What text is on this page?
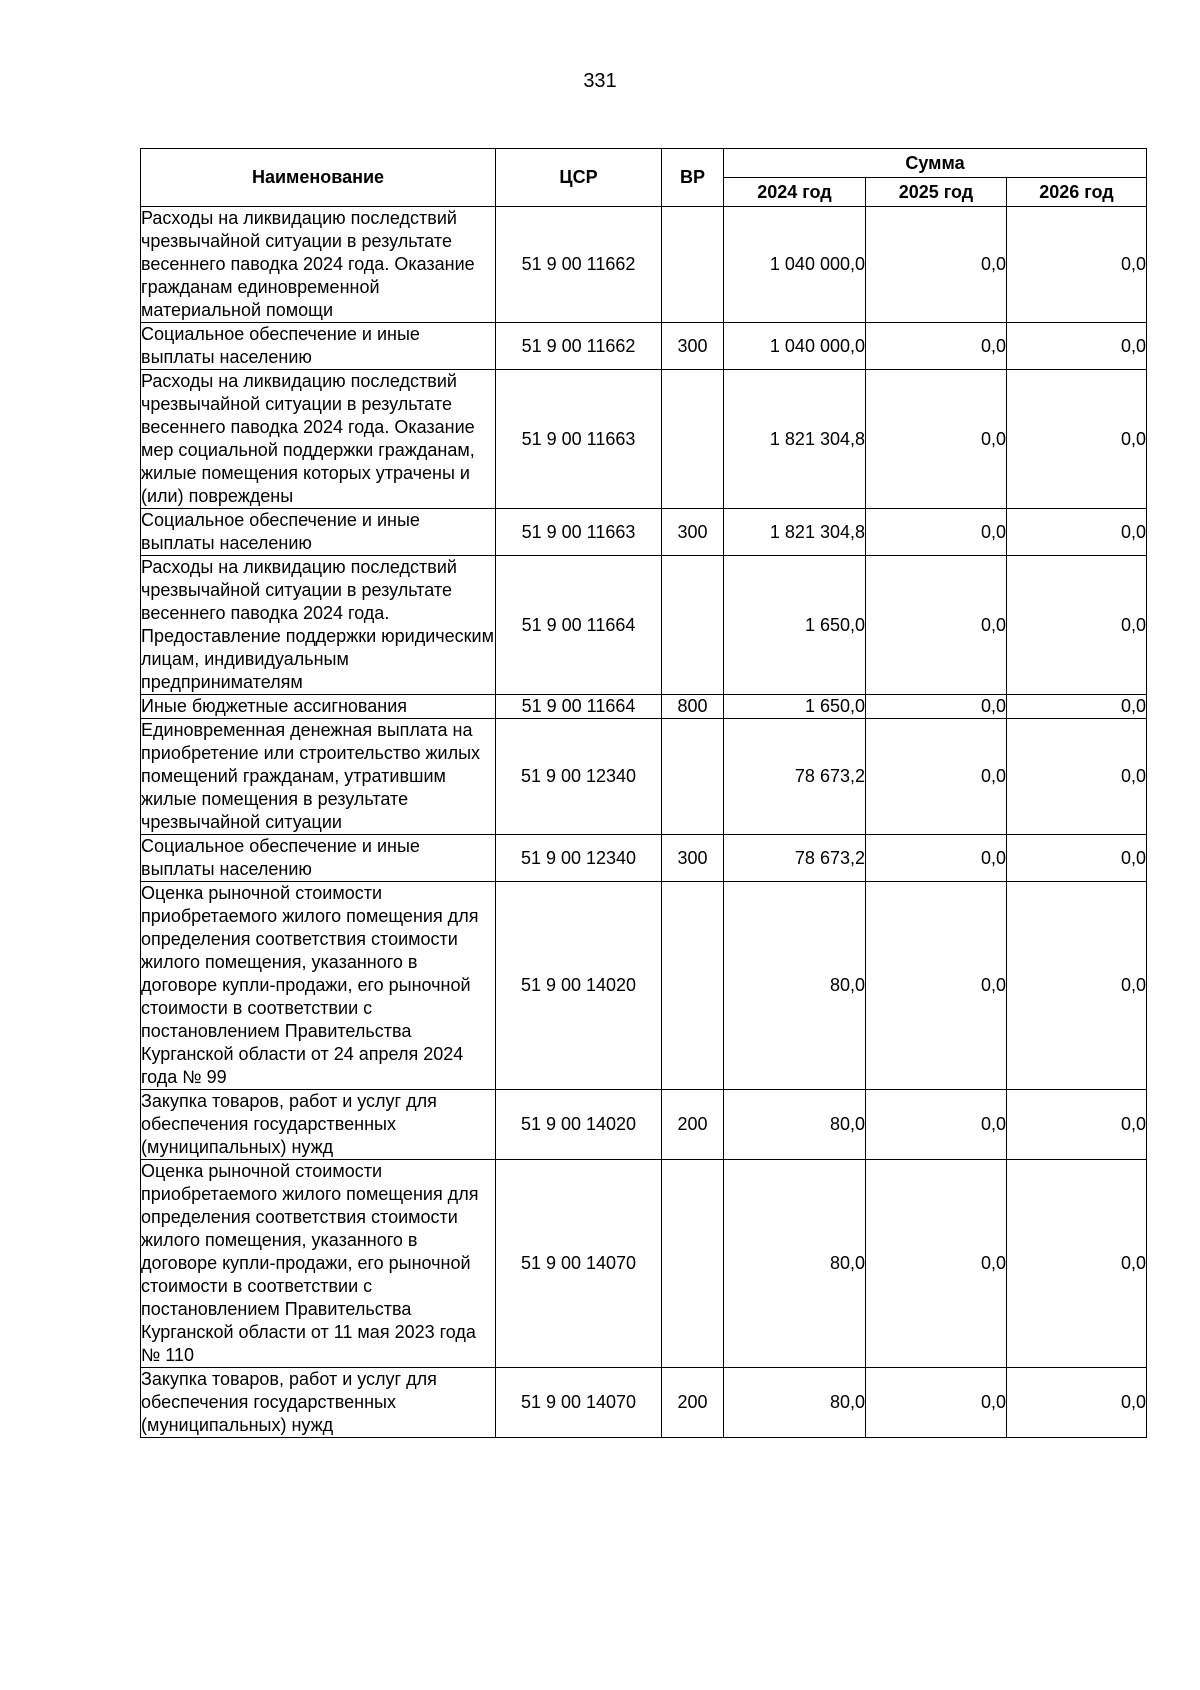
331
Наименование	ЦСР	ВР	Сумма		
			2024 год	2025 год	2026 год
Расходы на ликвидацию последствий чрезвычайной ситуации в результате весеннего паводка 2024 года. Оказание гражданам единовременной материальной помощи	51 9 00 11662		1 040 000,0	0,0	0,0
Социальное обеспечение и иные выплаты населению	51 9 00 11662	300	1 040 000,0	0,0	0,0
Расходы на ликвидацию последствий чрезвычайной ситуации в результате весеннего паводка 2024 года. Оказание мер социальной поддержки гражданам, жилые помещения которых утрачены и (или) повреждены	51 9 00 11663		1 821 304,8	0,0	0,0
Социальное обеспечение и иные выплаты населению	51 9 00 11663	300	1 821 304,8	0,0	0,0
Расходы на ликвидацию последствий чрезвычайной ситуации в результате весеннего паводка 2024 года. Предоставление поддержки юридическим лицам, индивидуальным предпринимателям	51 9 00 11664		1 650,0	0,0	0,0
Иные бюджетные ассигнования	51 9 00 11664	800	1 650,0	0,0	0,0
Единовременная денежная выплата на приобретение или строительство жилых помещений гражданам, утратившим жилые помещения в результате чрезвычайной ситуации	51 9 00 12340		78 673,2	0,0	0,0
Социальное обеспечение и иные выплаты населению	51 9 00 12340	300	78 673,2	0,0	0,0
Оценка рыночной стоимости приобретаемого жилого помещения для определения соответствия стоимости жилого помещения, указанного в договоре купли-продажи, его рыночной стоимости в соответствии с постановлением Правительства Курганской области от 24 апреля 2024 года № 99	51 9 00 14020		80,0	0,0	0,0
Закупка товаров, работ и услуг для обеспечения государственных (муниципальных) нужд	51 9 00 14020	200	80,0	0,0	0,0
Оценка рыночной стоимости приобретаемого жилого помещения для определения соответствия стоимости жилого помещения, указанного в договоре купли-продажи, его рыночной стоимости в соответствии с постановлением Правительства Курганской области от 11 мая 2023 года № 110	51 9 00 14070		80,0	0,0	0,0
Закупка товаров, работ и услуг для обеспечения государственных (муниципальных) нужд	51 9 00 14070	200	80,0	0,0	0,0
